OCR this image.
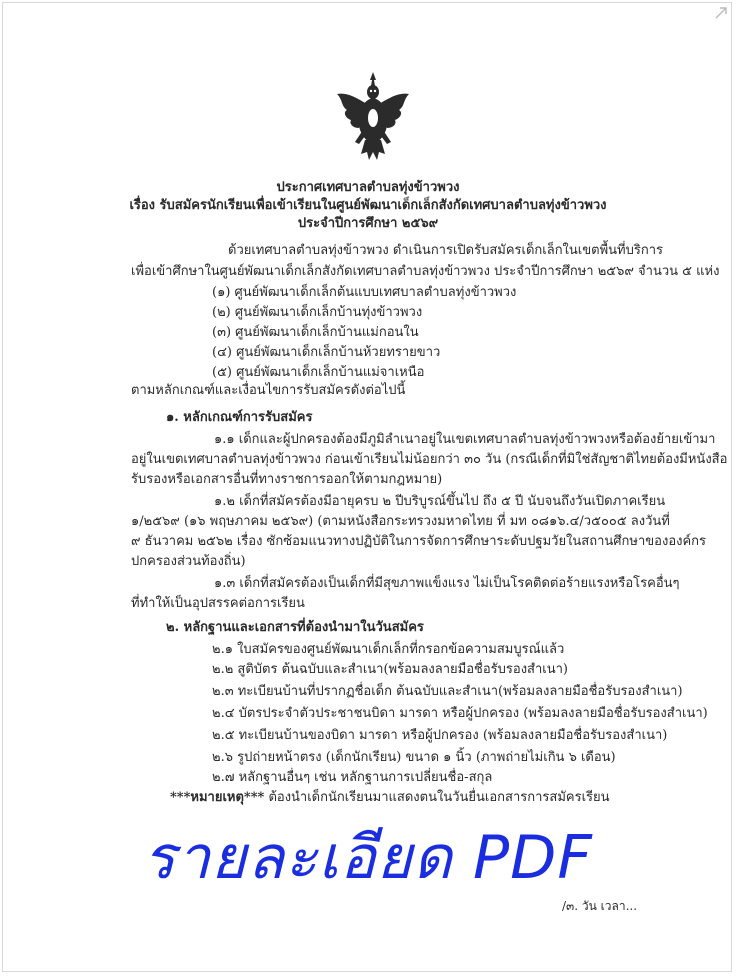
ประกาศเทศบาลตำบลทุ่งข้าวพวง
เรื่อง รับสมัครนักเรียนเพื่อเข้าเรียนในศูนย์พัฒนาเด็กเล็กสังกัดเทศบาลตำบลทุ่งข้าวพวง
ประจำปีการศึกษา ๒๕๖๙
ด้วยเทศบาลตำบลทุ่งข้าวพวง ดำเนินการเปิดรับสมัครเด็กเล็กในเขตพื้นที่บริการ
เพื่อเข้าศึกษาในศูนย์พัฒนาเด็กเล็กสังกัดเทศบาลตำบลทุ่งข้าวพวง ประจำปีการศึกษา ๒๕๖๙ จำนวน ๕ แห่ง
(๑) ศูนย์พัฒนาเด็กเล็กต้นแบบเทศบาลตำบลทุ่งข้าวพวง
(๒) ศูนย์พัฒนาเด็กเล็กบ้านทุ่งข้าวพวง
(๓) ศูนย์พัฒนาเด็กเล็กบ้านแม่กอนใน
(๔) ศูนย์พัฒนาเด็กเล็กบ้านห้วยทรายขาว
(๕) ศูนย์พัฒนาเด็กเล็กบ้านแม่จาเหนือ
ตามหลักเกณฑ์และเงื่อนไขการรับสมัครดังต่อไปนี้
๑. หลักเกณฑ์การรับสมัคร
๑.๑ เด็กและผู้ปกครองต้องมีภูมิลำเนาอยู่ในเขตเทศบาลตำบลทุ่งข้าวพวงหรือต้องย้ายเข้ามา
อยู่ในเขตเทศบาลตำบลทุ่งข้าวพวง ก่อนเข้าเรียนไม่น้อยกว่า ๓๐ วัน (กรณีเด็กที่มิใช่สัญชาติไทยต้องมีหนังสือ
รับรองหรือเอกสารอื่นที่ทางราชการออกให้ตามกฎหมาย)
๑.๒ เด็กที่สมัครต้องมีอายุครบ ๒ ปีบริบูรณ์ขึ้นไป ถึง ๕ ปี นับจนถึงวันเปิดภาคเรียน
๑/๒๕๖๙ (๑๖ พฤษภาคม ๒๕๖๙) (ตามหนังสือกระทรวงมหาดไทย ที่ มท ๐๘๑๖.๔/ว๕๐๐๕ ลงวันที่
๙ ธันวาคม ๒๕๖๒ เรื่อง ซักซ้อมแนวทางปฏิบัติในการจัดการศึกษาระดับปฐมวัยในสถานศึกษาขององค์กร
ปกครองส่วนท้องถิ่น)
๑.๓ เด็กที่สมัครต้องเป็นเด็กที่มีสุขภาพแข็งแรง ไม่เป็นโรคติดต่อร้ายแรงหรือโรคอื่นๆ
ที่ทำให้เป็นอุปสรรคต่อการเรียน
๒. หลักฐานและเอกสารที่ต้องนำมาในวันสมัคร
๒.๑ ใบสมัครของศูนย์พัฒนาเด็กเล็กที่กรอกข้อความสมบูรณ์แล้ว
๒.๒ สูติบัตร ต้นฉบับและสำเนา(พร้อมลงลายมือชื่อรับรองสำเนา)
๒.๓ ทะเบียนบ้านที่ปรากฏชื่อเด็ก ต้นฉบับและสำเนา(พร้อมลงลายมือชื่อรับรองสำเนา)
๒.๔ บัตรประจำตัวประชาชนบิดา มารดา หรือผู้ปกครอง (พร้อมลงลายมือชื่อรับรองสำเนา)
๒.๕ ทะเบียนบ้านของบิดา มารดา หรือผู้ปกครอง (พร้อมลงลายมือชื่อรับรองสำเนา)
๒.๖ รูปถ่ายหน้าตรง (เด็กนักเรียน) ขนาด ๑ นิ้ว (ภาพถ่ายไม่เกิน ๖ เดือน)
๒.๗ หลักฐานอื่นๆ เช่น หลักฐานการเปลี่ยนชื่อ-สกุล
***หมายเหตุ*** ต้องนำเด็กนักเรียนมาแสดงตนในวันยื่นเอกสารการสมัครเรียน
รายละเอียด PDF
/๓. วัน เวลา...
